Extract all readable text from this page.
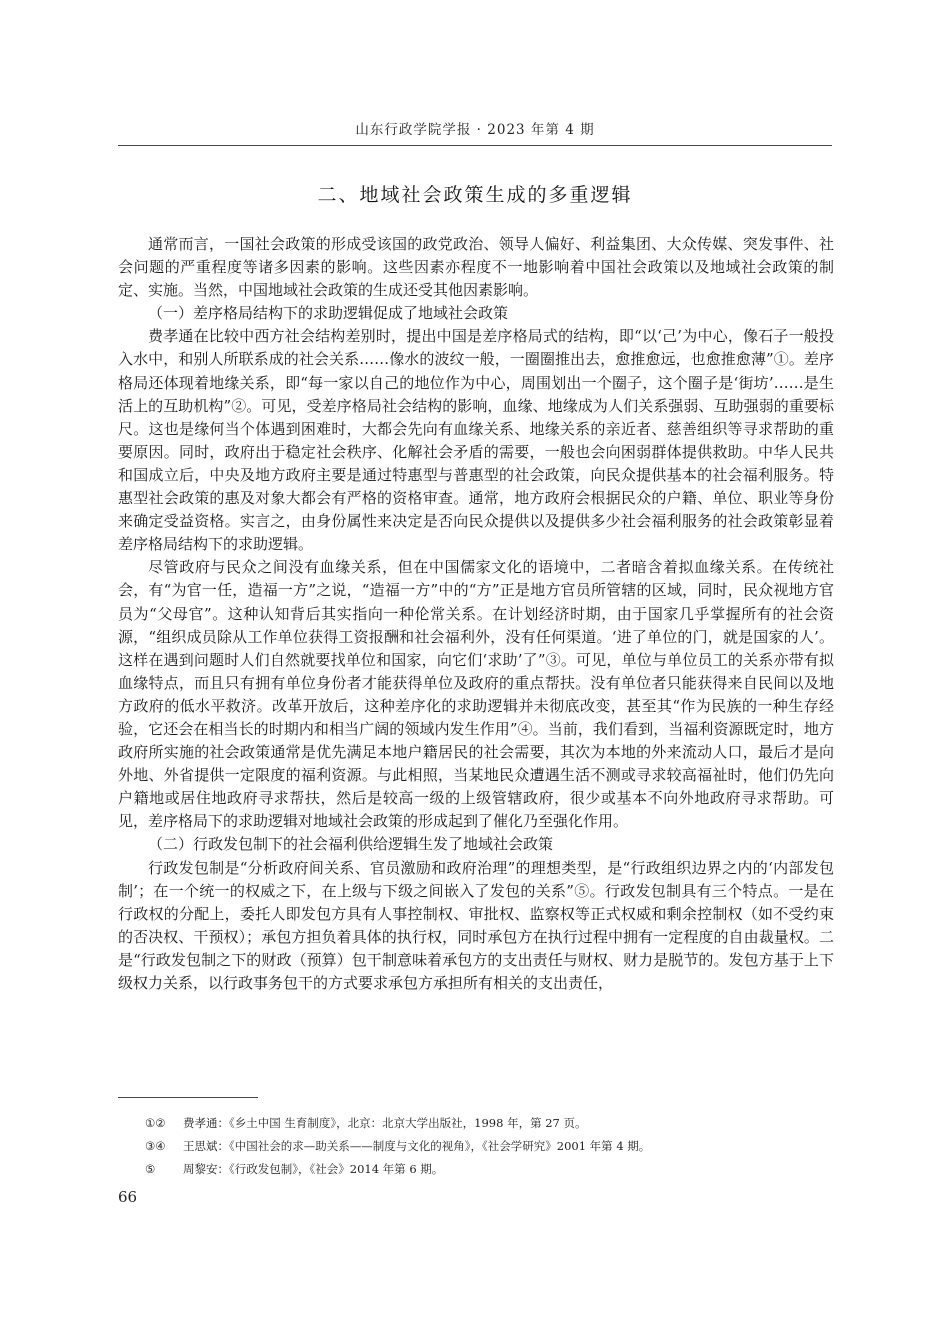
山东行政学院学报 · 2023 年第 4 期
二、地域社会政策生成的多重逻辑

通常而言，一国社会政策的形成受该国的政党政治、领导人偏好、利益集团、大众传媒、突发事件、社会问题的严重程度等诸多因素的影响。这些因素亦程度不一地影响着中国社会政策以及地域社会政策的制定、实施。当然，中国地域社会政策的生成还受其他因素影响。

（一）差序格局结构下的求助逻辑促成了地域社会政策

费孝通在比较中西方社会结构差别时，提出中国是差序格局式的结构，即“以‘己’为中心，像石子一般投入水中，和别人所联系成的社会关系……像水的波纹一般，一圈圈推出去，愈推愈远，也愈推愈薄”①。差序格局还体现着地缘关系，即“每一家以自己的地位作为中心，周围划出一个圈子，这个圈子是‘街坊’……是生活上的互助机构”②。可见，受差序格局社会结构的影响，血缘、地缘成为人们关系强弱、互助强弱的重要标尺。这也是缘何当个体遇到困难时，大都会先向有血缘关系、地缘关系的亲近者、慈善组织等寻求帮助的重要原因。同时，政府出于稳定社会秩序、化解社会矛盾的需要，一般也会向困弱群体提供救助。中华人民共和国成立后，中央及地方政府主要是通过特惠型与普惠型的社会政策，向民众提供基本的社会福利服务。特惠型社会政策的惠及对象大都会有严格的资格审查。通常，地方政府会根据民众的户籍、单位、职业等身份来确定受益资格。实言之，由身份属性来决定是否向民众提供以及提供多少社会福利服务的社会政策彰显着差序格局结构下的求助逻辑。

尽管政府与民众之间没有血缘关系，但在中国儒家文化的语境中，二者暗含着拟血缘关系。在传统社会，有“为官一任，造福一方”之说，“造福一方”中的“方”正是地方官员所管辖的区域，同时，民众视地方官员为“父母官”。这种认知背后其实指向一种伦常关系。在计划经济时期，由于国家几乎掌握所有的社会资源，“组织成员除从工作单位获得工资报酬和社会福利外，没有任何渠道。‘进了单位的门，就是国家的人’。这样在遇到问题时人们自然就要找单位和国家，向它们‘求助’了”③。可见，单位与单位员工的关系亦带有拟血缘特点，而且只有拥有单位身份者才能获得单位及政府的重点帮扶。没有单位者只能获得来自民间以及地方政府的低水平救济。改革开放后，这种差序化的求助逻辑并未彻底改变，甚至其“作为民族的一种生存经验，它还会在相当长的时期内和相当广阔的领域内发生作用”④。当前，我们看到，当福利资源既定时，地方政府所实施的社会政策通常是优先满足本地户籍居民的社会需要，其次为本地的外来流动人口，最后才是向外地、外省提供一定限度的福利资源。与此相照，当某地民众遭遇生活不测或寻求较高福祉时，他们仍先向户籍地或居住地政府寻求帮扶，然后是较高一级的上级管辖政府，很少或基本不向外地政府寻求帮助。可见，差序格局下的求助逻辑对地域社会政策的形成起到了催化乃至强化作用。

（二）行政发包制下的社会福利供给逻辑生发了地域社会政策

行政发包制是“分析政府间关系、官员激励和政府治理”的理想类型，是“行政组织边界之内的‘内部发包制’；在一个统一的权威之下，在上级与下级之间嵌入了发包的关系”⑤。行政发包制具有三个特点。一是在行政权的分配上，委托人即发包方具有人事控制权、审批权、监察权等正式权威和剩余控制权（如不受约束的否决权、干预权）；承包方担负着具体的执行权，同时承包方在执行过程中拥有一定程度的自由裁量权。二是“行政发包制之下的财政（预算）包干制意味着承包方的支出责任与财权、财力是脱节的。发包方基于上下级权力关系，以行政事务包干的方式要求承包方承担所有相关的支出责任，

①② 费孝通：《乡土中国 生育制度》，北京：北京大学出版社，1998 年，第 27 页。
③④ 王思斌：《中国社会的求—助关系——制度与文化的视角》，《社会学研究》2001 年第 4 期。
⑤ 周黎安：《行政发包制》，《社会》2014 年第 6 期。
66
